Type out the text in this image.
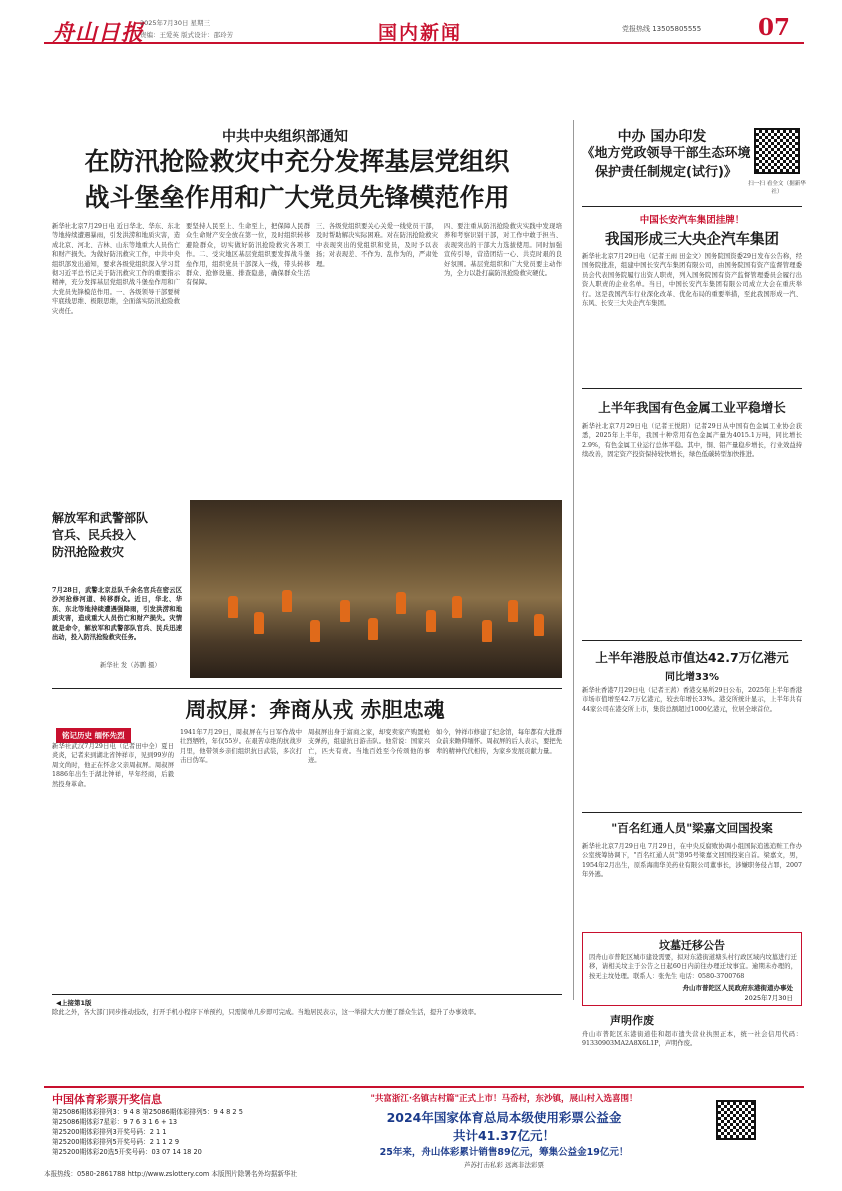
舟山日报
2025年7月30日 星期三
责编：王爱英 版式设计：邵玲芳	国内新闻	党报热线 13505805555 07
中共中央组织部通知
在防汛抢险救灾中充分发挥基层党组织
战斗堡垒作用和广大党员先锋模范作用
新华社北京7月29日电 近日华北、华东、东北等地持续遭遇暴雨，引发洪涝和地质灾害，造成北京、河北、吉林、山东等地重大人员伤亡和财产损失。为做好防汛救灾工作，中共中央组织部发出通知，要求各级党组织深入学习贯彻习近平总书记关于防汛救灾工作的重要指示精神，充分发挥基层党组织战斗堡垒作用和广大党员先锋模范作用。一、各级领导干部要树牢底线思维、极限思维，全面落实防汛抢险救灾责任。
要坚持人民至上、生命至上，把保障人民群众生命财产安全放在第一位，及时组织转移避险群众，切实做好防汛抢险救灾各项工作。二、受灾地区基层党组织要发挥战斗堡垒作用，组织党员干部深入一线，带头转移群众、抢修设施、排查隐患，确保群众生活有保障。
三、各级党组织要关心关爱一线党员干部，及时帮助解决实际困难。对在防汛抢险救灾中表现突出的党组织和党员，及时予以表扬；对表现差、不作为、乱作为的，严肃处理。
四、要注重从防汛抢险救灾实践中发现培养和考察识别干部，对工作中敢于担当、表现突出的干部大力选拔使用。同时加强宣传引导，营造团结一心、共克时艰的良好氛围。基层党组织和广大党员要主动作为，全力以赴打赢防汛抢险救灾硬仗。
解放军和武警部队
官兵、民兵投入
防汛抢险救灾
7月28日，武警北京总队千余名官兵在密云区沙河抢修河道、转移群众。近日，华北、华东、东北等地持续遭遇强降雨，引发洪涝和地质灾害，造成重大人员伤亡和财产损失。灾情就是命令，解放军和武警部队官兵、民兵迅速出动，投入防汛抢险救灾任务。
新华社 发（苏鹏 摄）
周叔屏：奔商从戎 赤胆忠魂
铭记历史 缅怀先烈
新华社武汉7月29日电（记者田中全）夏日炎炎，记者来到湖北省钟祥市，见到99岁的周文尚时，他正在怀念父亲周叔屏。周叔屏1886年出生于湖北钟祥，早年经商，后毅然投身革命。
1941年7月29日，周叔屏在与日军作战中壮烈牺牲，年仅55岁。在艰苦卓绝的抗战岁月里，他带领乡亲们组织抗日武装，多次打击日伪军。
周叔屏出身于富商之家，却变卖家产购置枪支弹药，组建抗日游击队。他常说：国家兴亡，匹夫有责。当地百姓至今传颂他的事迹。
如今，钟祥市修建了纪念馆，每年都有大批群众前来瞻仰缅怀。周叔屏的后人表示，要把先辈的精神代代相传，为家乡发展贡献力量。
◀上接第1版
除此之外，各大部门同步推动技改，打开手机小程序下单预约，只需简单几步即可完成。当地居民表示，这一举措大大方便了群众生活，提升了办事效率。
中办 国办印发
《地方党政领导干部生态环境保护责任制规定(试行)》
扫一扫 看全文（据新华社）
中国长安汽车集团挂牌！
我国形成三大央企汽车集团
新华社北京7月29日电（记者王雨 田金文）国务院国资委29日发布公告称，经国务院批准，组建中国长安汽车集团有限公司，由国务院国有资产监督管理委员会代表国务院履行出资人职责，列入国务院国有资产监督管理委员会履行出资人职责的企业名单。当日，中国长安汽车集团有限公司成立大会在重庆举行。这是我国汽车行业深化改革、优化布局的重要举措，至此我国形成一汽、东风、长安三大央企汽车集团。
上半年我国有色金属工业平稳增长
新华社北京7月29日电（记者王悦阳）记者29日从中国有色金属工业协会获悉，2025年上半年，我国十种常用有色金属产量为4015.1万吨，同比增长2.9%，有色金属工业运行总体平稳。其中，铜、铝产量稳步增长，行业效益持续改善，固定资产投资保持较快增长，绿色低碳转型加快推进。
上半年港股总市值达42.7万亿港元
同比增33%
新华社香港7月29日电（记者王茜）香港交易所29日公布，2025年上半年香港市场市值增至42.7万亿港元，较去年增长33%。港交所统计显示，上半年共有44家公司在港交所上市，集资总额超过1000亿港元，位居全球首位。
"百名红通人员"梁嘉文回国投案
新华社北京7月29日电 7月29日，在中央反腐败协调小组国际追逃追赃工作办公室统筹协调下，"百名红通人员"第95号梁嘉文回国投案自首。梁嘉文，男，1954年2月出生，原系海南华美药业有限公司董事长，涉嫌职务侵占罪，2007年外逃。
坟墓迁移公告
因舟山市普陀区城市建设需要，拟对东港街道塘头村行政区域内坟墓进行迁移，请相关坟主于公告之日起60日内前往办理迁坟事宜。逾期未办理的，按无主坟处理。联系人：张先生 电话：0580-3700768
舟山市普陀区人民政府东港街道办事处
2025年7月30日
声明作废
舟山市普陀区东港街道佳和超市遗失营业执照正本，统一社会信用代码：91330903MA2A8X6L1P，声明作废。
中国体育彩票开奖信息
第25086期体彩排列3：9 4 8 第25086期体彩排列5：9 4 8 2 5
第25086期体彩7星彩：9 7 6 3 1 6 + 13
第25200期体彩排列3开奖号码：2 1 1
第25200期体彩排列5开奖号码：2 1 1 2 9
第25200期体彩20选5开奖号码：03 07 14 18 20
"共富浙江·名镇古村篇"正式上市！马岙村，东沙镇，展山村入选喜围！
2024年国家体育总局本级使用彩票公益金
共计41.37亿元！
25年来，舟山体彩累计销售89亿元，筹集公益金19亿元！
芦苏打击私彩 远离非法彩票
本报热线：0580-2861788 http://www.zslottery.com 本版图片除署名外均据新华社
